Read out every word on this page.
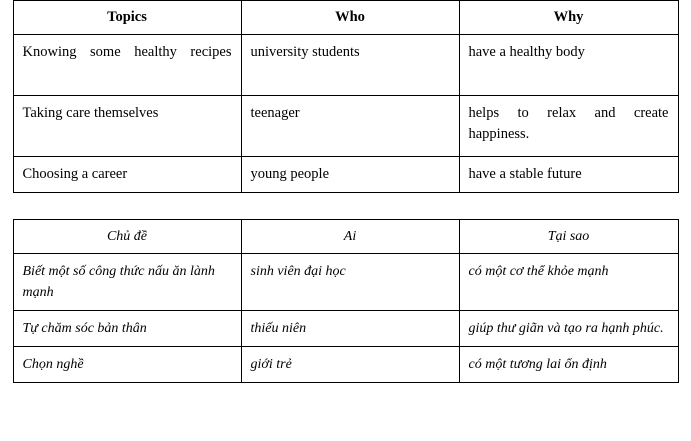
Topics	Who	Why
Knowing some healthy recipes	university students	have a healthy body
Taking care themselves	teenager	helps to relax and create happiness.
Choosing a career	young people	have a stable future
Chủ đề	Ai	Tại sao
Biết một số công thức nấu ăn lành mạnh	sinh viên đại học	có một cơ thể khỏe mạnh
Tự chăm sóc bản thân	thiếu niên	giúp thư giãn và tạo ra hạnh phúc.
Chọn nghề	giới trẻ	có một tương lai ổn định
